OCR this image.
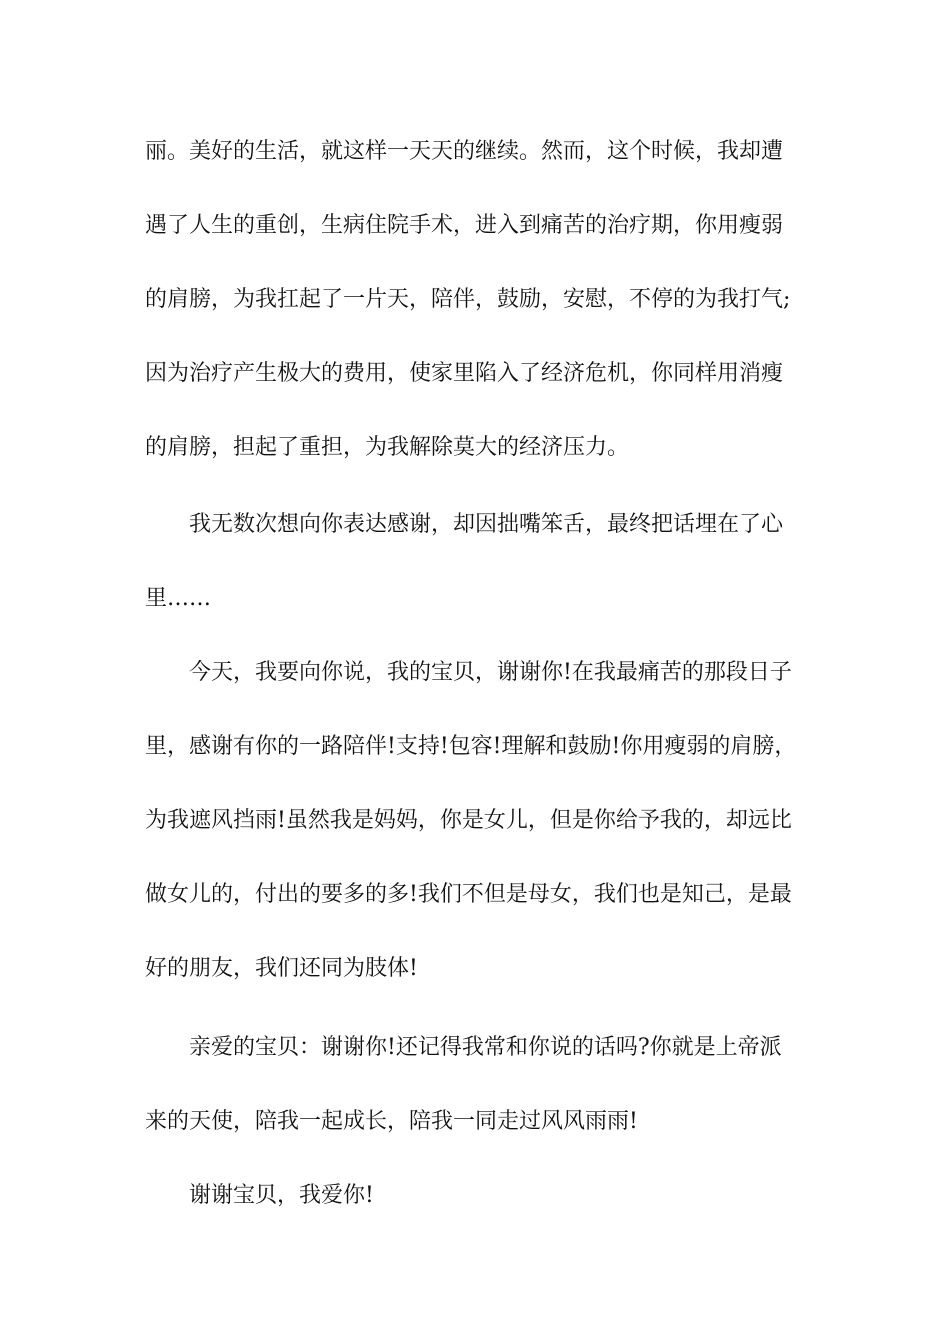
丽。美好的生活，就这样一天天的继续。然而，这个时候，我却遭
遇了人生的重创，生病住院手术，进入到痛苦的治疗期，你用瘦弱
的肩膀，为我扛起了一片天，陪伴，鼓励，安慰，不停的为我打气;
因为治疗产生极大的费用，使家里陷入了经济危机，你同样用消瘦
的肩膀，担起了重担，为我解除莫大的经济压力。
我无数次想向你表达感谢，却因拙嘴笨舌，最终把话埋在了心
里……
今天，我要向你说，我的宝贝，谢谢你!在我最痛苦的那段日子
里，感谢有你的一路陪伴!支持!包容!理解和鼓励!你用瘦弱的肩膀，
为我遮风挡雨!虽然我是妈妈，你是女儿，但是你给予我的，却远比
做女儿的，付出的要多的多!我们不但是母女，我们也是知己，是最
好的朋友，我们还同为肢体!
亲爱的宝贝：谢谢你!还记得我常和你说的话吗?你就是上帝派
来的天使，陪我一起成长，陪我一同走过风风雨雨!
谢谢宝贝，我爱你!
